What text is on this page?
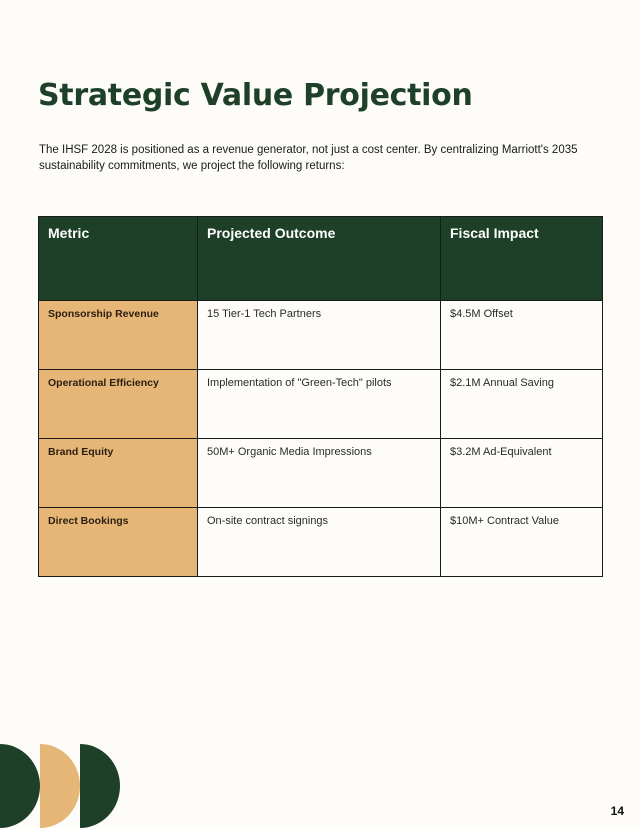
Strategic Value Projection

The IHSF 2028 is positioned as a revenue generator, not just a cost center. By centralizing Marriott's 2035 sustainability commitments, we project the following returns:

Metric	Projected Outcome	Fiscal Impact
Sponsorship Revenue	15 Tier-1 Tech Partners	$4.5M Offset
Operational Efficiency	Implementation of "Green-Tech" pilots	$2.1M Annual Saving
Brand Equity	50M+ Organic Media Impressions	$3.2M Ad-Equivalent
Direct Bookings	On-site contract signings	$10M+ Contract Value
14
